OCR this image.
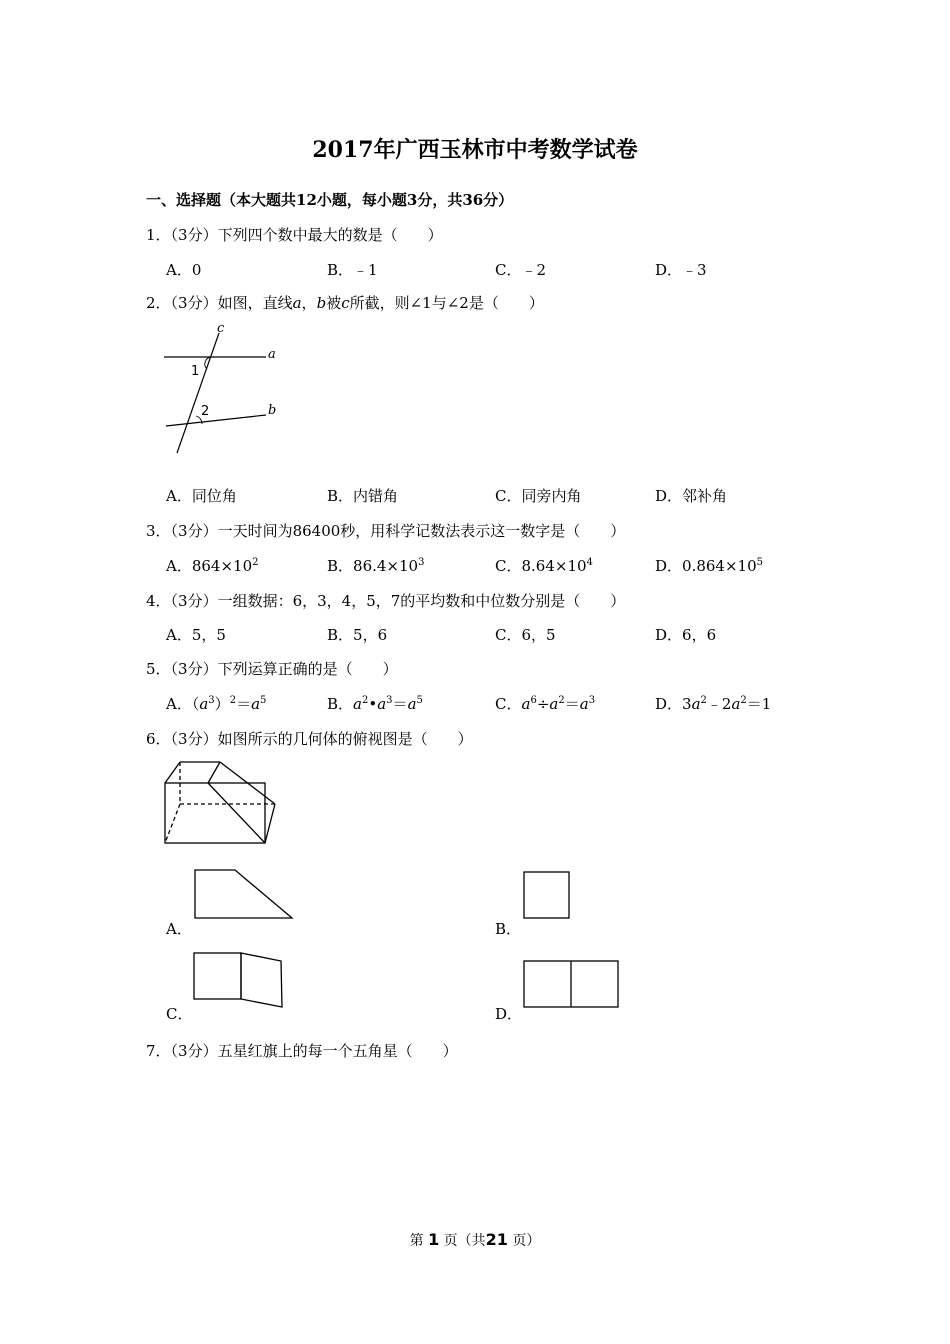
2017年广西玉林市中考数学试卷
一、选择题（本大题共12小题，每小题3分，共36分）
1．（3分）下列四个数中最大的数是（　　）
A．0	B．﹣1	C．﹣2	D．﹣3
2．（3分）如图，直线a，b被c所截，则∠1与∠2是（　　）
c
a
b
1
2
A．同位角	B．内错角	C．同旁内角	D．邻补角
3．（3分）一天时间为86400秒，用科学记数法表示这一数字是（　　）
A．$864\times 10^2$	B．$86.4\times 10^3$	C．$8.64\times 10^4$	D．$0.864\times 10^5$
4．（3分）一组数据：6，3，4，5，7的平均数和中位数分别是（　　）
A．5，5	B．5，6	C．6，5	D．6，6
5．（3分）下列运算正确的是（　　）
A．$(a^3)^2=a^5$	B．$a^2•a^3=a^5$	C．$a^6\div a^2=a^3$	D．$3a^2﹣2a^2=1$
6．（3分）如图所示的几何体的俯视图是（　　）
A．	B．
C．	D．
7．（3分）五星红旗上的每一个五角星（　　）
第 1 页（共21 页）
